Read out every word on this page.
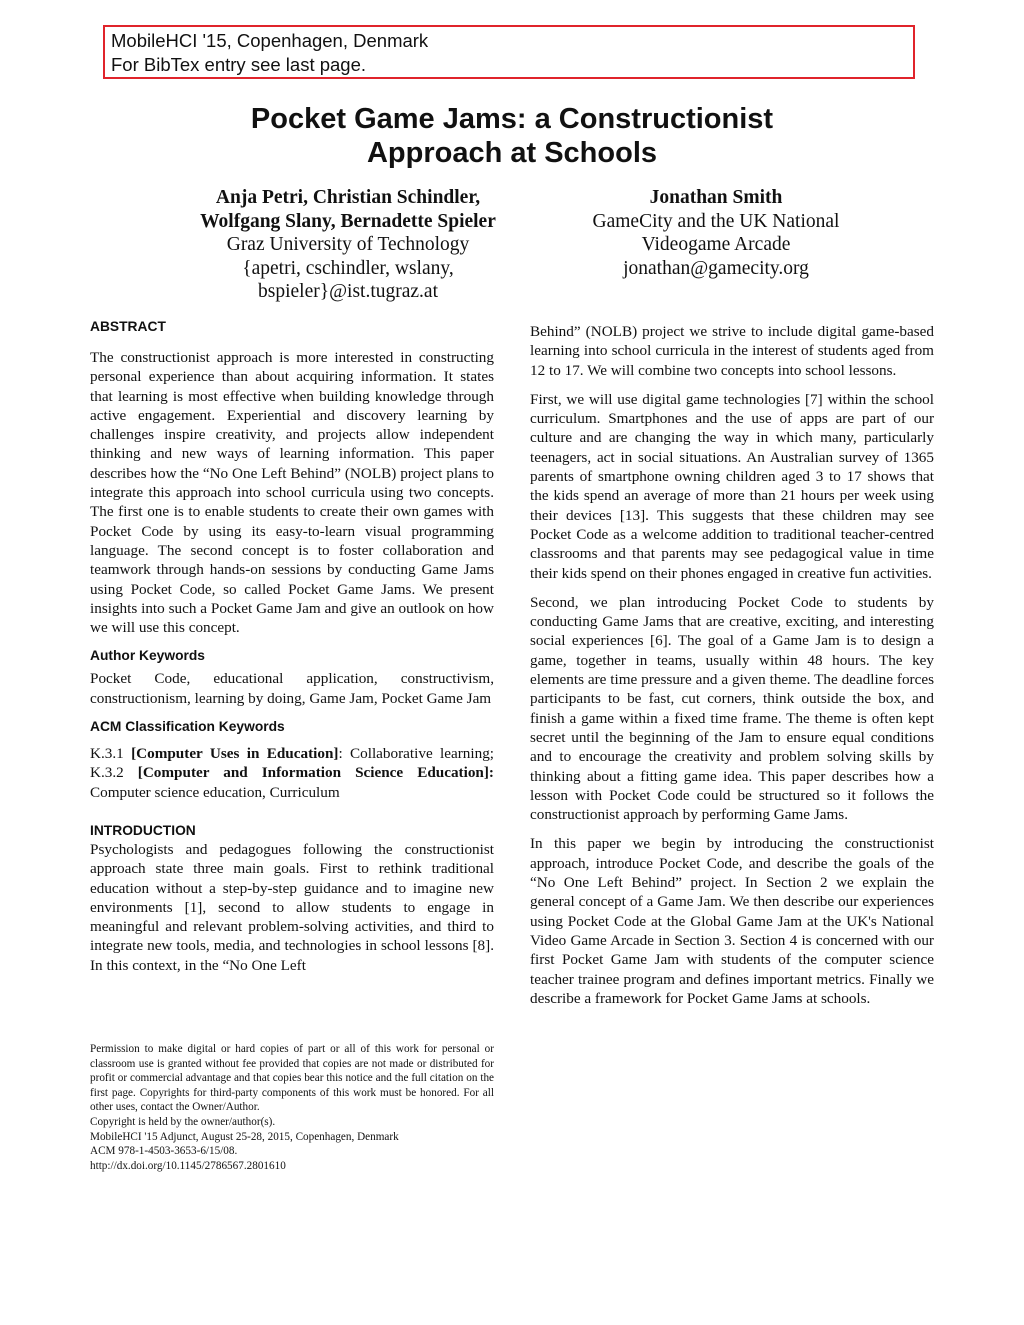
MobileHCI '15, Copenhagen, Denmark
For BibTex entry see last page.
Pocket Game Jams: a Constructionist
Approach at Schools
Anja Petri, Christian Schindler,
Wolfgang Slany, Bernadette Spieler
Graz University of Technology
{apetri, cschindler, wslany,
bspieler}@ist.tugraz.at
Jonathan Smith
GameCity and the UK National
Videogame Arcade
jonathan@gamecity.org
ABSTRACT

The constructionist approach is more interested in constructing personal experience than about acquiring information. It states that learning is most effective when building knowledge through active engagement. Experiential and discovery learning by challenges inspire creativity, and projects allow independent thinking and new ways of learning information. This paper describes how the “No One Left Behind” (NOLB) project plans to integrate this approach into school curricula using two concepts. The first one is to enable students to create their own games with Pocket Code by using its easy-to-learn visual programming language. The second concept is to foster collaboration and teamwork through hands-on sessions by conducting Game Jams using Pocket Code, so called Pocket Game Jams. We present insights into such a Pocket Game Jam and give an outlook on how we will use this concept.

Author Keywords

Pocket Code, educational application, constructivism, constructionism, learning by doing, Game Jam, Pocket Game Jam

ACM Classification Keywords

K.3.1 [Computer Uses in Education]: Collaborative learning; K.3.2 [Computer and Information Science Education]: Computer science education, Curriculum

INTRODUCTION

Psychologists and pedagogues following the constructionist approach state three main goals. First to rethink traditional education without a step-by-step guidance and to imagine new environments [1], second to allow students to engage in meaningful and relevant problem-solving activities, and third to integrate new tools, media, and technologies in school lessons [8]. In this context, in the “No One Left

Permission to make digital or hard copies of part or all of this work for personal or classroom use is granted without fee provided that copies are not made or distributed for profit or commercial advantage and that copies bear this notice and the full citation on the first page. Copyrights for third-party components of this work must be honored. For all other uses, contact the Owner/Author.

Copyright is held by the owner/author(s).

MobileHCI '15 Adjunct, August 25-28, 2015, Copenhagen, Denmark

ACM 978-1-4503-3653-6/15/08.

http://dx.doi.org/10.1145/2786567.2801610

Behind” (NOLB) project we strive to include digital game-based learning into school curricula in the interest of students aged from 12 to 17. We will combine two concepts into school lessons.

First, we will use digital game technologies [7] within the school curriculum. Smartphones and the use of apps are part of our culture and are changing the way in which many, particularly teenagers, act in social situations. An Australian survey of 1365 parents of smartphone owning children aged 3 to 17 shows that the kids spend an average of more than 21 hours per week using their devices [13]. This suggests that these children may see Pocket Code as a welcome addition to traditional teacher-centred classrooms and that parents may see pedagogical value in time their kids spend on their phones engaged in creative fun activities.

Second, we plan introducing Pocket Code to students by conducting Game Jams that are creative, exciting, and interesting social experiences [6]. The goal of a Game Jam is to design a game, together in teams, usually within 48 hours. The key elements are time pressure and a given theme. The deadline forces participants to be fast, cut corners, think outside the box, and finish a game within a fixed time frame. The theme is often kept secret until the beginning of the Jam to ensure equal conditions and to encourage the creativity and problem solving skills by thinking about a fitting game idea. This paper describes how a lesson with Pocket Code could be structured so it follows the constructionist approach by performing Game Jams.

In this paper we begin by introducing the constructionist approach, introduce Pocket Code, and describe the goals of the “No One Left Behind” project. In Section 2 we explain the general concept of a Game Jam. We then describe our experiences using Pocket Code at the Global Game Jam at the UK's National Video Game Arcade in Section 3. Section 4 is concerned with our first Pocket Game Jam with students of the computer science teacher trainee program and defines important metrics. Finally we describe a framework for Pocket Game Jams at schools.
